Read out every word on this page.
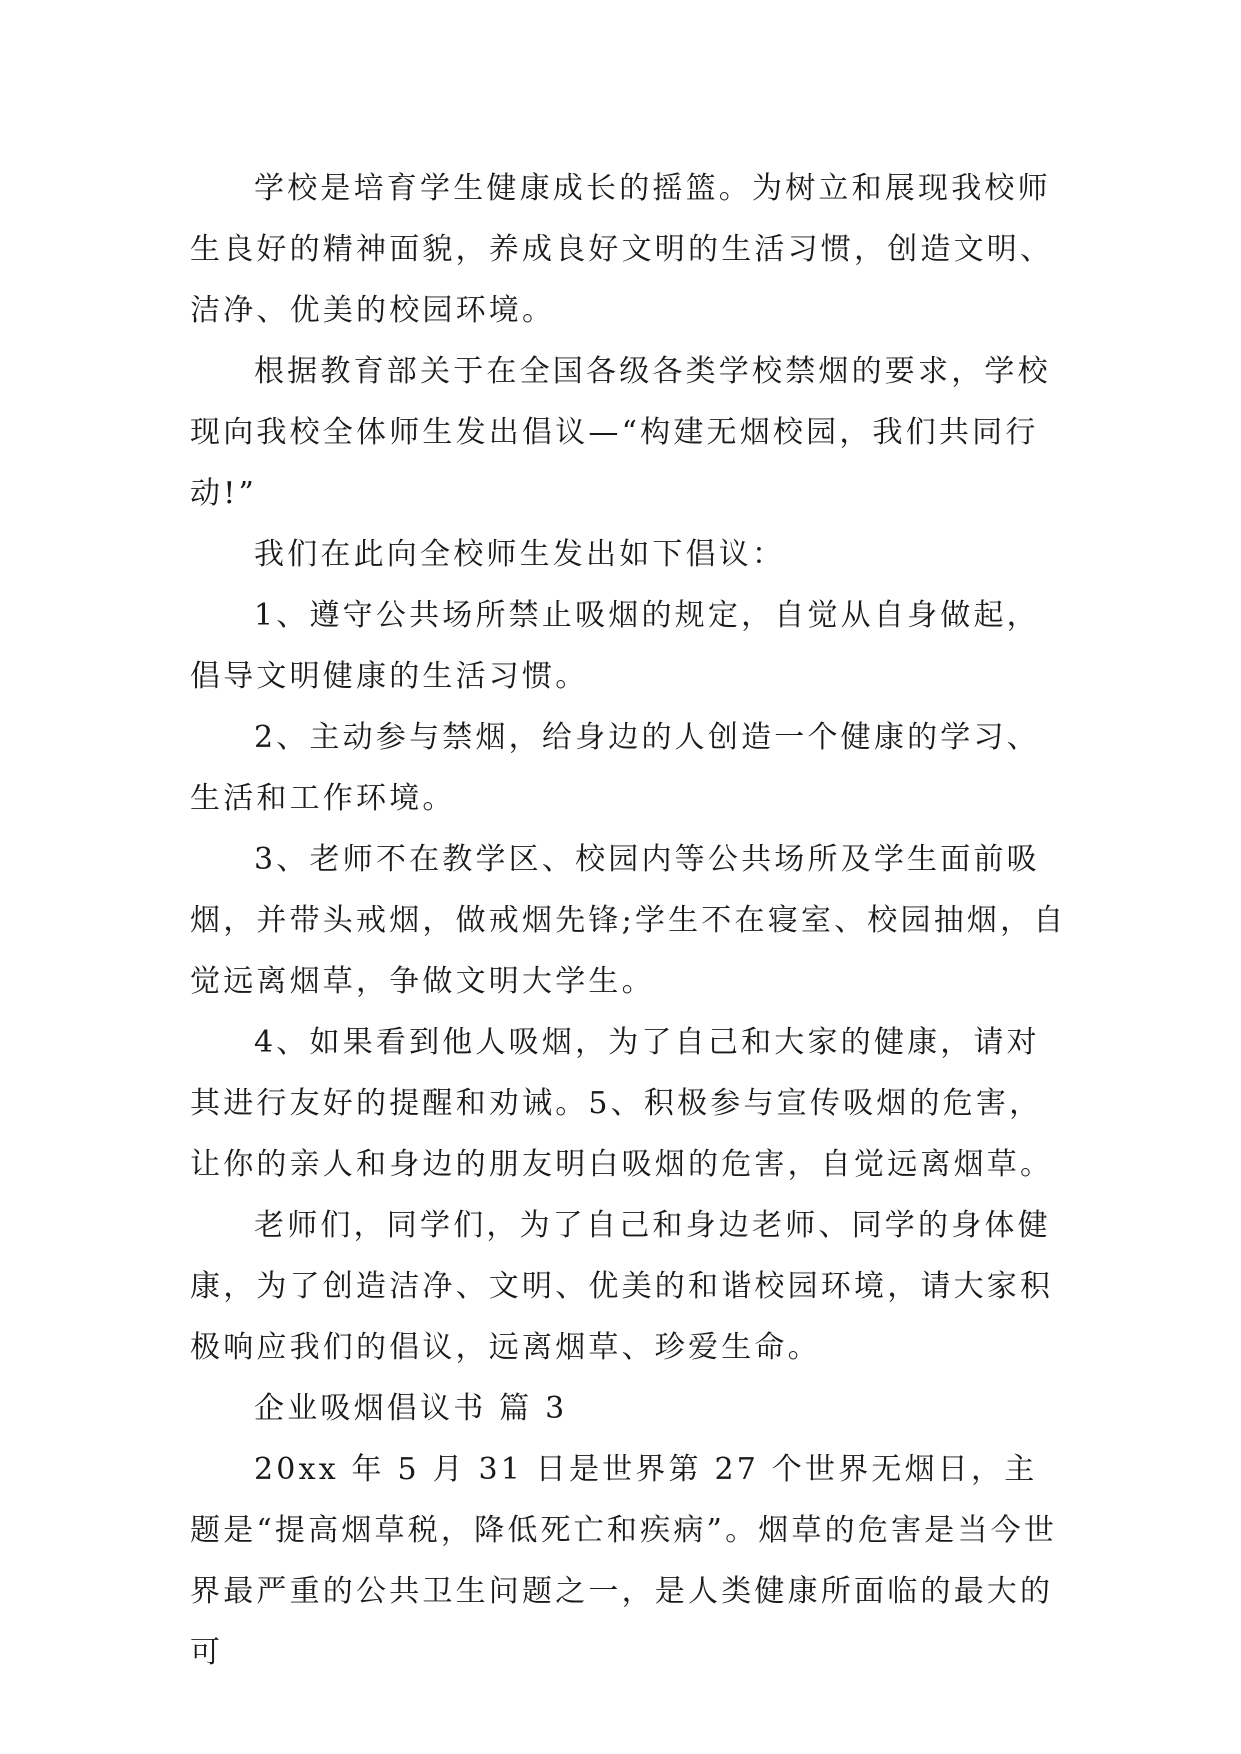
学校是培育学生健康成长的摇篮。为树立和展现我校师生良好的精神面貌，养成良好文明的生活习惯，创造文明、洁净、优美的校园环境。

根据教育部关于在全国各级各类学校禁烟的要求，学校现向我校全体师生发出倡议—“构建无烟校园，我们共同行动!”

我们在此向全校师生发出如下倡议：

1、遵守公共场所禁止吸烟的规定，自觉从自身做起，倡导文明健康的生活习惯。

2、主动参与禁烟，给身边的人创造一个健康的学习、生活和工作环境。

3、老师不在教学区、校园内等公共场所及学生面前吸烟，并带头戒烟，做戒烟先锋;学生不在寝室、校园抽烟，自觉远离烟草，争做文明大学生。

4、如果看到他人吸烟，为了自己和大家的健康，请对其进行友好的提醒和劝诫。5、积极参与宣传吸烟的危害，让你的亲人和身边的朋友明白吸烟的危害，自觉远离烟草。

老师们，同学们，为了自己和身边老师、同学的身体健康，为了创造洁净、文明、优美的和谐校园环境，请大家积极响应我们的倡议，远离烟草、珍爱生命。

企业吸烟倡议书 篇 3

20xx 年 5 月 31 日是世界第 27 个世界无烟日，主题是“提高烟草税，降低死亡和疾病”。烟草的危害是当今世界最严重的公共卫生问题之一，是人类健康所面临的最大的可
